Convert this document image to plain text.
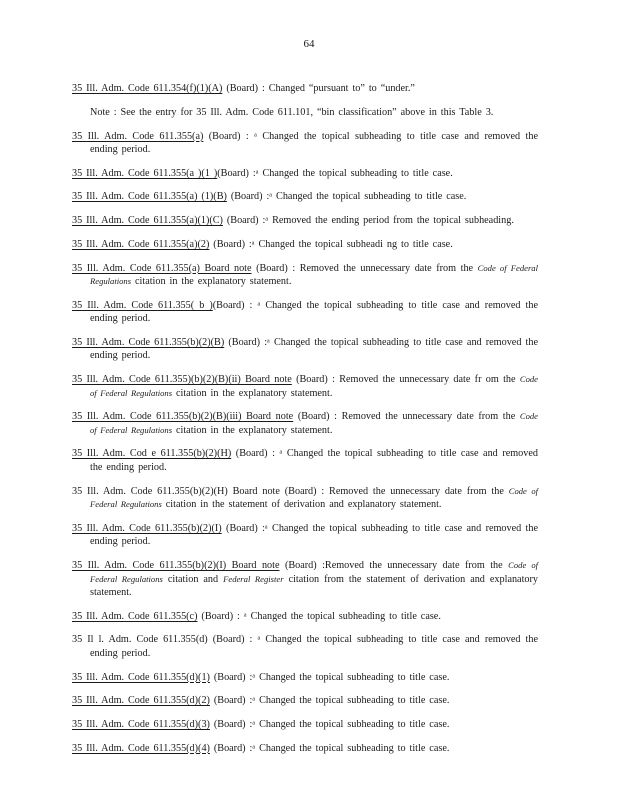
64

35 Ill. Adm. Code 611.354(f)(1)(A) (Board) : Changed “pursuant to” to “under.”

Note : See the entry for 35 Ill. Adm. Code 611.101, “bin classification” above in this Table 3.

35 Ill. Adm. Code 611.355(a) (Board) : ᵃ Changed the topical subheading to title case and removed the ending period.

35 Ill. Adm. Code 611.355(a )(1 )(Board) :ᵃ Changed the topical subheading to title case.

35 Ill. Adm. Code 611.355(a) (1)(B) (Board) :ᵃ Changed the topical subheading to title case.

35 Ill. Adm. Code 611.355(a)(1)(C) (Board) :ᵃ Removed the ending period from the topical subheading.

35 Ill. Adm. Code 611.355(a)(2) (Board) :ᵃ Changed the topical subheadi ng to title case.

35 Ill. Adm. Code 611.355(a) Board note (Board) : Removed the unnecessary date from the Code of Federal Regulations citation in the explanatory statement.

35 Ill. Adm. Code 611.355( b )(Board) : ᵃ Changed the topical subheading to title case and removed the ending period.

35 Ill. Adm. Code 611.355(b)(2)(B) (Board) :ᵃ Changed the topical subheading to title case and removed the ending period.

35 Ill. Adm. Code 611.355)(b)(2)(B)(ii) Board note (Board) : Removed the unnecessary date fr om the Code of Federal Regulations citation in the explanatory statement.

35 Ill. Adm. Code 611.355(b)(2)(B)(iii) Board note (Board) : Removed the unnecessary date from the Code of Federal Regulations citation in the explanatory statement.

35 Ill. Adm. Cod e 611.355(b)(2)(H) (Board) : ᵃ Changed the topical subheading to title case and removed the ending period.

35 Ill. Adm. Code 611.355(b)(2)(H) Board note (Board) : Removed the unnecessary date from the Code of Federal Regulations citation in the statement of derivation and explanatory statement.

35 Ill. Adm. Code 611.355(b)(2)(I) (Board) :ᵃ Changed the topical subheading to title case and removed the ending period.

35 Ill. Adm. Code 611.355(b)(2)(I) Board note (Board) :Removed the unnecessary date from the Code of Federal Regulations citation and Federal Register citation from the statement of derivation and explanatory statement.

35 Ill. Adm. Code 611.355(c) (Board) : ᵃ Changed the topical subheading to title case.

35 Il l. Adm. Code 611.355(d) (Board) : ᵃ Changed the topical subheading to title case and removed the ending period.

35 Ill. Adm. Code 611.355(d)(1) (Board) :ᵃ Changed the topical subheading to title case.

35 Ill. Adm. Code 611.355(d)(2) (Board) :ᵃ Changed the topical subheading to title case.

35 Ill. Adm. Code 611.355(d)(3) (Board) :ᵃ Changed the topical subheading to title case.

35 Ill. Adm. Code 611.355(d)(4) (Board) :ᵃ Changed the topical subheading to title case.
